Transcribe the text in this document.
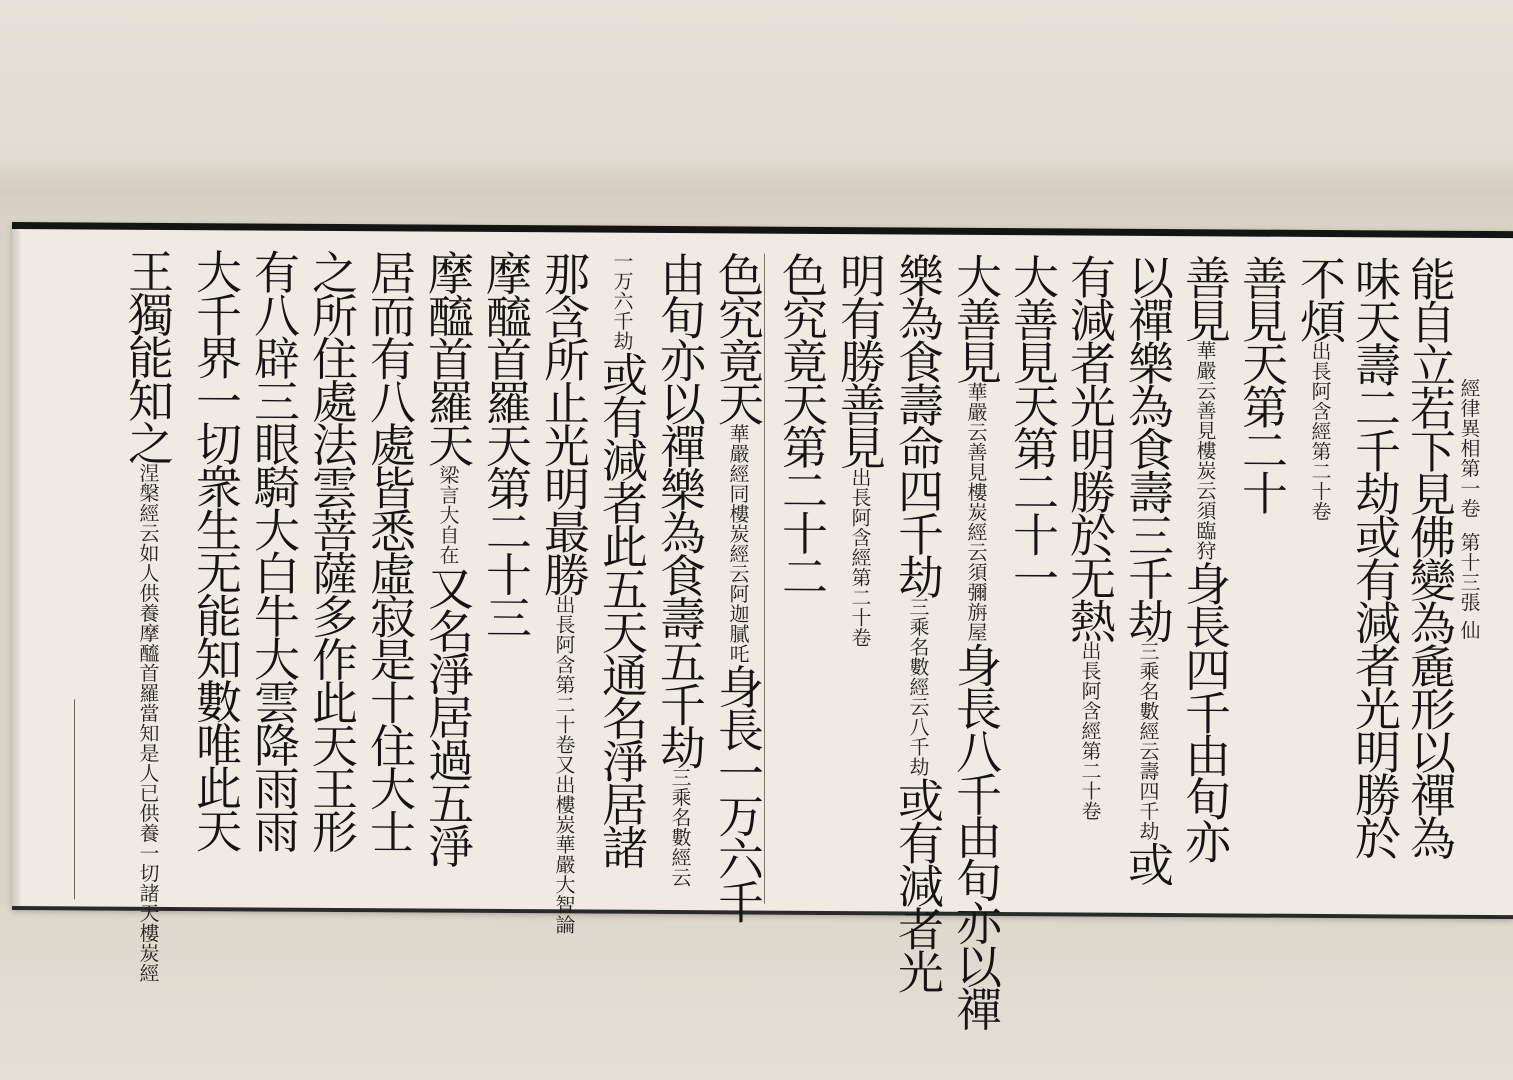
經律異相第一卷第十三張仙
能自立若下見佛變為麁形以禪為
味天壽二千劫或有減者光明勝於
不煩出長阿含經第二十卷
善見天第二十
善見華嚴云善見樓炭云須臨狩身長四千由旬亦
以禪樂為食壽三千劫三乘名數經云壽四千劫或
有減者光明勝於无熱出長阿含經第二十卷
大善見天第二十一
大善見華嚴云善見樓炭經云須彌旃屋身長八千由旬亦以禪
樂為食壽命四千劫三乘名數經云八千劫或有減者光
明有勝善見出長阿含經第二十卷
色究竟天第二十二
色究竟天華嚴經同樓炭經云阿迦膩吒身長一万六千
由旬亦以禪樂為食壽五千劫三乘名數經云
一万六千劫或有減者此五天通名淨居諸
那含所止光明最勝出長阿含第二十卷又出樓炭華嚴大智論
摩醯首羅天第二十三
摩醯首羅天梁言大自在又名淨居過五淨
居而有八處皆悉虛寂是十住大士
之所住處法雲菩薩多作此天王形
有八辟三眼騎大白牛大雲降雨雨
大千界一切衆生无能知數唯此天
王獨能知之涅槃經云如人供養摩醯首羅當知是人已供養一切諸天樓炭經
